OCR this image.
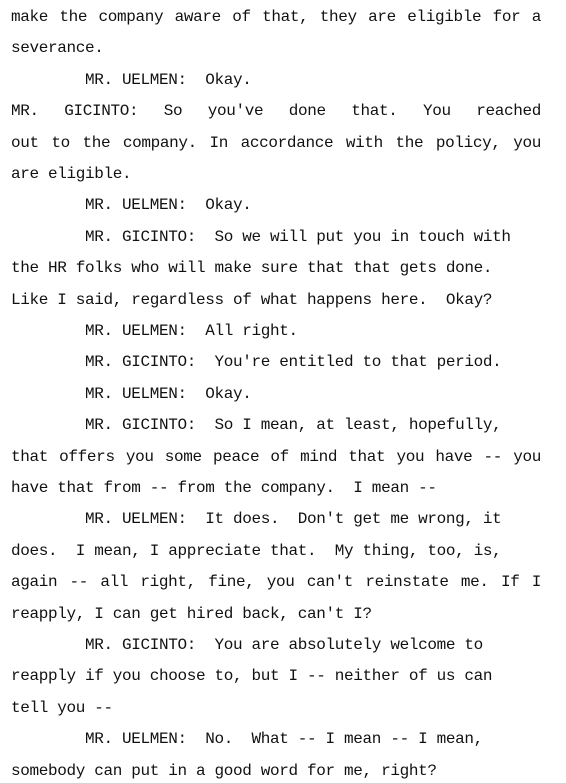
make the company aware of that, they are eligible for a
severance.
MR. UELMEN:  Okay.
MR. GICINTO: So you've done that. You reached
out to the company. In accordance with the policy, you
are eligible.
MR. UELMEN:  Okay.
MR. GICINTO:  So we will put you in touch with
the HR folks who will make sure that that gets done.
Like I said, regardless of what happens here.  Okay?
MR. UELMEN:  All right.
MR. GICINTO:  You're entitled to that period.
MR. UELMEN:  Okay.
MR. GICINTO:  So I mean, at least, hopefully,
that offers you some peace of mind that you have -- you
have that from -- from the company.  I mean --
MR. UELMEN:  It does.  Don't get me wrong, it
does.  I mean, I appreciate that.  My thing, too, is,
again -- all right, fine, you can't reinstate me. If I
reapply, I can get hired back, can't I?
MR. GICINTO:  You are absolutely welcome to
reapply if you choose to, but I -- neither of us can
tell you --
MR. UELMEN:  No.  What -- I mean -- I mean,
somebody can put in a good word for me, right?
